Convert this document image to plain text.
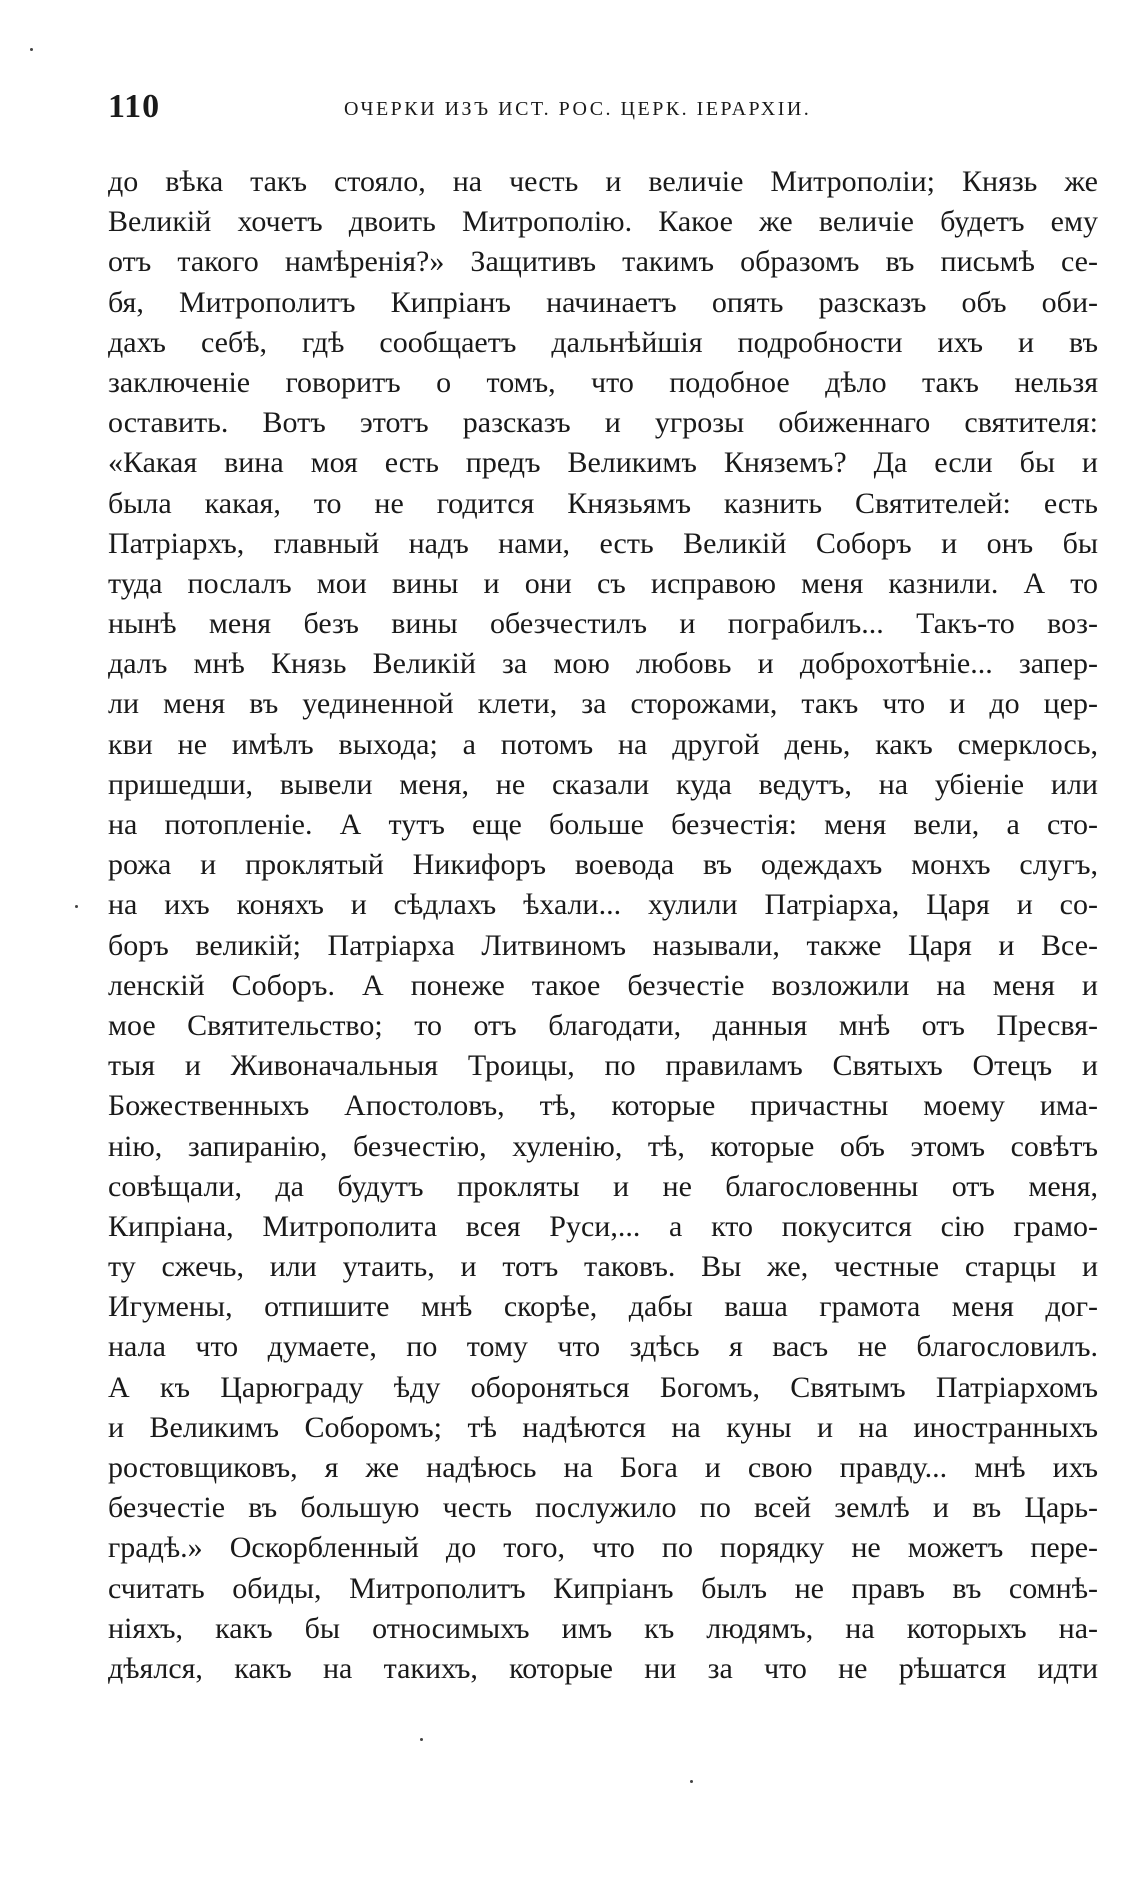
110	ОЧЕРКИ ИЗЪ ИСТ. РОС. ЦЕРК. ІЕРАРХІИ.
до вѣка такъ стояло, на честь и величіе Митрополіи; Князь же
Великій хочетъ двоить Митрополію. Какое же величіе будетъ ему
отъ такого намѣренія?» Защитивъ такимъ образомъ въ письмѣ се-
бя, Митрополитъ Кипріанъ начинаетъ опять разсказъ объ оби-
дахъ себѣ, гдѣ сообщаетъ дальнѣйшія подробности ихъ и въ
заключеніе говоритъ о томъ, что подобное дѣло такъ нельзя
оставить. Вотъ этотъ разсказъ и угрозы обиженнаго святителя:
«Какая вина моя есть предъ Великимъ Княземъ? Да если бы и
была какая, то не годится Князьямъ казнить Святителей: есть
Патріархъ, главный надъ нами, есть Великій Соборъ и онъ бы
туда послалъ мои вины и они съ исправою меня казнили. А то
нынѣ меня безъ вины обезчестилъ и пограбилъ... Такъ-то воз-
далъ мнѣ Князь Великій за мою любовь и доброхотѣніе... запер-
ли меня въ уединенной клети, за сторожами, такъ что и до цер-
кви не имѣлъ выхода; а потомъ на другой день, какъ смерклось,
пришедши, вывели меня, не сказали куда ведутъ, на убіеніе или
на потопленіе. А тутъ еще больше безчестія: меня вели, а сто-
рожа и проклятый Никифоръ воевода въ одеждахъ монхъ слугъ,
на ихъ коняхъ и сѣдлахъ ѣхали... хулили Патріарха, Царя и со-
боръ великій; Патріарха Литвиномъ называли, также Царя и Все-
ленскій Соборъ. А понеже такое безчестіе возложили на меня и
мое Святительство; то отъ благодати, данныя мнѣ отъ Пресвя-
тыя и Живоначальныя Троицы, по правиламъ Святыхъ Отецъ и
Божественныхъ Апостоловъ, тѣ, которые причастны моему има-
нію, запиранію, безчестію, хуленію, тѣ, которые объ этомъ совѣтъ
совѣщали, да будутъ прокляты и не благословенны отъ меня,
Кипріана, Митрополита всея Руси,... а кто покусится сію грамо-
ту сжечь, или утаить, и тотъ таковъ. Вы же, честные старцы и
Игумены, отпишите мнѣ скорѣе, дабы ваша грамота меня дог-
нала что думаете, по тому что здѣсь я васъ не благословилъ.
А къ Царюграду ѣду обороняться Богомъ, Святымъ Патріархомъ
и Великимъ Соборомъ; тѣ надѣются на куны и на иностранныхъ
ростовщиковъ, я же надѣюсь на Бога и свою правду... мнѣ ихъ
безчестіе въ большую честь послужило по всей землѣ и въ Царь-
градѣ.» Оскорбленный до того, что по порядку не можетъ пере-
считать обиды, Митрополитъ Кипріанъ былъ не правъ въ сомнѣ-
ніяхъ, какъ бы относимыхъ имъ къ людямъ, на которыхъ на-
дѣялся, какъ на такихъ, которые ни за что не рѣшатся идти
